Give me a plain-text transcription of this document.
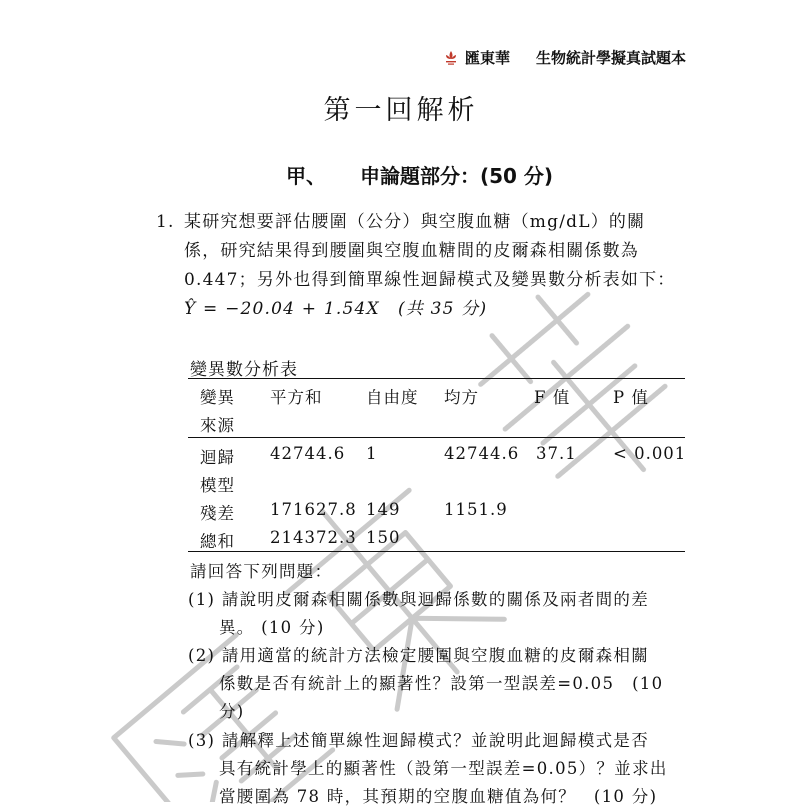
匯東華 生物統計學擬真試題本
第一回解析
甲、 申論題部分：(50 分)
1. 某研究想要評估腰圍（公分）與空腹血糖（mg/dL）的關
係，研究結果得到腰圍與空腹血糖間的皮爾森相關係數為
0.447；另外也得到簡單線性迴歸模式及變異數分析表如下：
Ŷ = −20.04 + 1.54X　(共 35 分)
變異數分析表
變異
來源
平方和	自由度 均方	F 值	P 值
迴歸
模型
42744.6 1	42744.6 37.1 < 0.001
殘差 171627.8 149	1151.9
總和 214372.3 150
請回答下列問題：
(1) 請說明皮爾森相關係數與迴歸係數的關係及兩者間的差
異。 (10 分)
(2) 請用適當的統計方法檢定腰圍與空腹血糖的皮爾森相關
係數是否有統計上的顯著性？設第一型誤差=0.05　(10
分)
(3) 請解釋上述簡單線性迴歸模式？並說明此迴歸模式是否
具有統計學上的顯著性（設第一型誤差=0.05）？並求出
當腰圍為 78 時，其預期的空腹血糖值為何？　(10 分)
